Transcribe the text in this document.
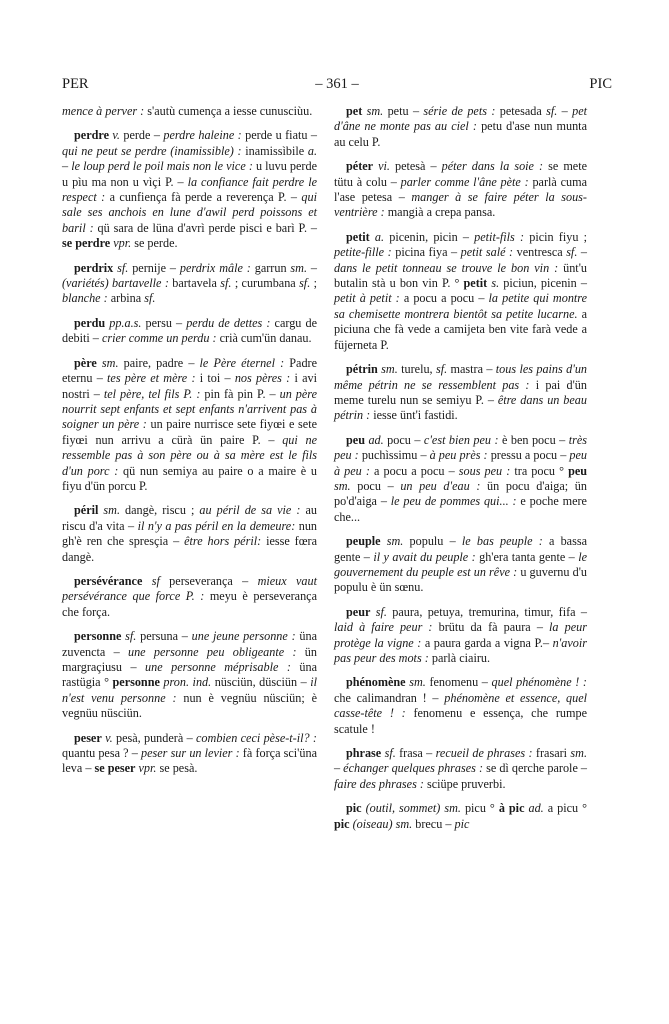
PER	– 361 –	PIC

mence à perver : s'autù cumença a iesse cunusciùu.

perdre v. perde – perdre haleine : perde u fiatu – qui ne peut se perdre (inamissible) : inamissìbile a. – le loup perd le poil mais non le vice : u luvu perde u pìu ma non u vìçi P. – la confiance fait perdre le respect : a cunfiença fà perde a reverença P. – qui sale ses anchois en lune d'awil perd poissons et baril : qü sara de lüna d'avrì perde pisci e barì P. – se perdre vpr. se perde.

perdrix sf. pernije – perdrix mâle : garrun sm. – (variétés) bartavelle : bartavela sf. ; curumbana sf. ; blanche : arbina sf.

perdu pp.a.s. persu – perdu de dettes : cargu de debiti – crier comme un perdu : crià cum'ün danau.

père sm. paire, padre – le Père éternel : Padre eternu – tes père et mère : i toi – nos pères : i avi nostri – tel père, tel fils P. : pin fà pin P. – un père nourrit sept enfants et sept enfants n'arrivent pas à soigner un père : un paire nurrisce sete fiyœi e sete fiyœi nun arrivu a cürà ün paire P. – qui ne ressemble pas à son père ou à sa mère est le fils d'un porc : qü nun semiya au paire o a maire è u fiyu d'ün porcu P.

péril sm. dangè, riscu ; au péril de sa vie : au riscu d'a vita – il n'y a pas péril en la demeure: nun gh'è ren che spresçia – être hors péril: iesse fœra dangè.

persévérance sf perseverança – mieux vaut persévérance que force P. : meyu è perseverança che força.

personne sf. persuna – une jeune personne : üna zuvencta – une personne peu obligeante : ün margraçiusu – une personne méprisable : üna rastügia ° personne pron. ind. nüsciün, düsciün – il n'est venu personne : nun è vegnüu nüsciün; è vegnüu nüsciün.

peser v. pesà, punderà – combien ceci pèse-t-il? : quantu pesa ? – peser sur un levier : fà força sci'üna leva – se peser vpr. se pesà.

pet sm. petu – série de pets : petesada sf. – pet d'âne ne monte pas au ciel : petu d'ase nun munta au celu P.

péter vi. petesà – péter dans la soie : se mete tütu à colu – parler comme l'âne pète : parlà cuma l'ase petesa – manger à se faire péter la sous-ventrière : mangià a crepa pansa.

petit a. picenin, picin – petit-fils : picin fiyu ; petite-fille : picina fiya – petit salé : ventresca sf. – dans le petit tonneau se trouve le bon vin : ünt'u butalin stà u bon vin P. ° petit s. piciun, picenin – petit à petit : a pocu a pocu – la petite qui montre sa chemisette montrera bientôt sa petite lucarne. a piciuna che fà vede a camijeta ben vite farà vede a füjerneta P.

pétrin sm. turelu, sf. mastra – tous les pains d'un même pétrin ne se ressemblent pas : i pai d'ün meme turelu nun se semiyu P. – être dans un beau pétrin : iesse ünt'i fastidi.

peu ad. pocu – c'est bien peu : è ben pocu – très peu : puchìssimu – à peu près : pressu a pocu – peu à peu : a pocu a pocu – sous peu : tra pocu ° peu sm. pocu – un peu d'eau : ün pocu d'aiga; ün po'd'aiga – le peu de pommes qui... : e poche mere che...

peuple sm. populu – le bas peuple : a bassa gente – il y avait du peuple : gh'era tanta gente – le gouvernement du peuple est un rêve : u guvernu d'u populu è ün sœnu.

peur sf. paura, petuya, tremurina, timur, fifa – laid à faire peur : brütu da fà paura – la peur protège la vigne : a paura garda a vigna P.– n'avoir pas peur des mots : parlà ciairu.

phénomène sm. fenomenu – quel phénomène ! : che calimandran ! – phénomène et essence, quel casse-tête ! : fenomenu e essença, che rumpe scatule !

phrase sf. frasa – recueil de phrases : frasari sm. – échanger quelques phrases : se dì qerche parole – faire des phrases : sciüpe pruverbi.

pic (outil, sommet) sm. picu ° à pic ad. a picu ° pic (oiseau) sm. brecu – pic
